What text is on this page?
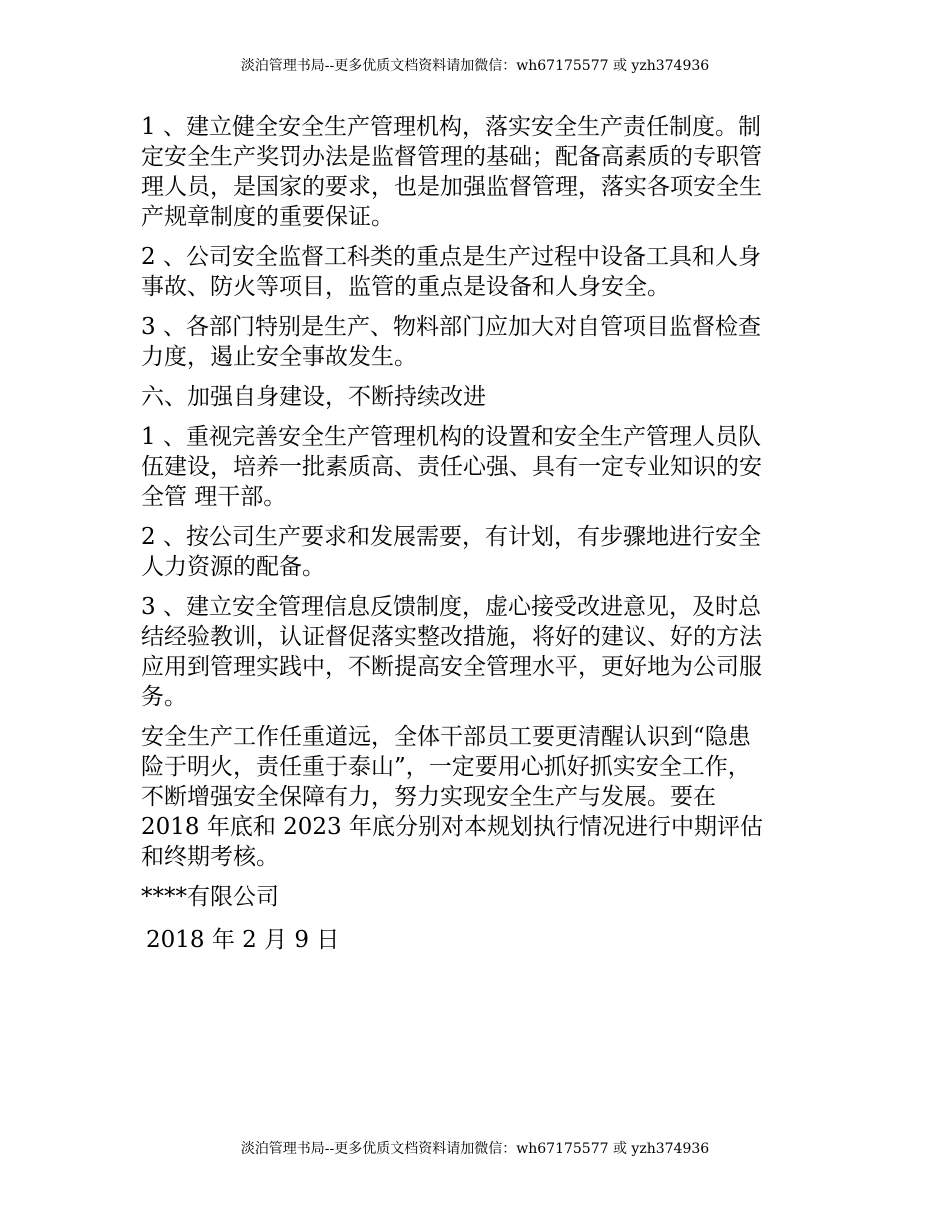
淡泊管理书局--更多优质文档资料请加微信：wh67175577 或 yzh374936

1 、建立健全安全生产管理机构，落实安全生产责任制度。制
定安全生产奖罚办法是监督管理的基础；配备高素质的专职管
理人员，是国家的要求，也是加强监督管理，落实各项安全生
产规章制度的重要保证。

2 、公司安全监督工科类的重点是生产过程中设备工具和人身
事故、防火等项目，监管的重点是设备和人身安全。

3 、各部门特别是生产、物料部门应加大对自管项目监督检查
力度，遏止安全事故发生。

六、加强自身建设，不断持续改进

1 、重视完善安全生产管理机构的设置和安全生产管理人员队
伍建设，培养一批素质高、责任心强、具有一定专业知识的安
全管 理干部。

2 、按公司生产要求和发展需要，有计划，有步骤地进行安全
人力资源的配备。

3 、建立安全管理信息反馈制度，虚心接受改进意见，及时总
结经验教训，认证督促落实整改措施，将好的建议、好的方法
应用到管理实践中，不断提高安全管理水平，更好地为公司服
务。

安全生产工作任重道远，全体干部员工要更清醒认识到“隐患
险于明火，责任重于泰山”，一定要用心抓好抓实安全工作，
不断增强安全保障有力，努力实现安全生产与发展。要在
2018 年底和 2023 年底分别对本规划执行情况进行中期评估
和终期考核。

****有限公司

2018 年 2 月 9 日

淡泊管理书局--更多优质文档资料请加微信：wh67175577 或 yzh374936
